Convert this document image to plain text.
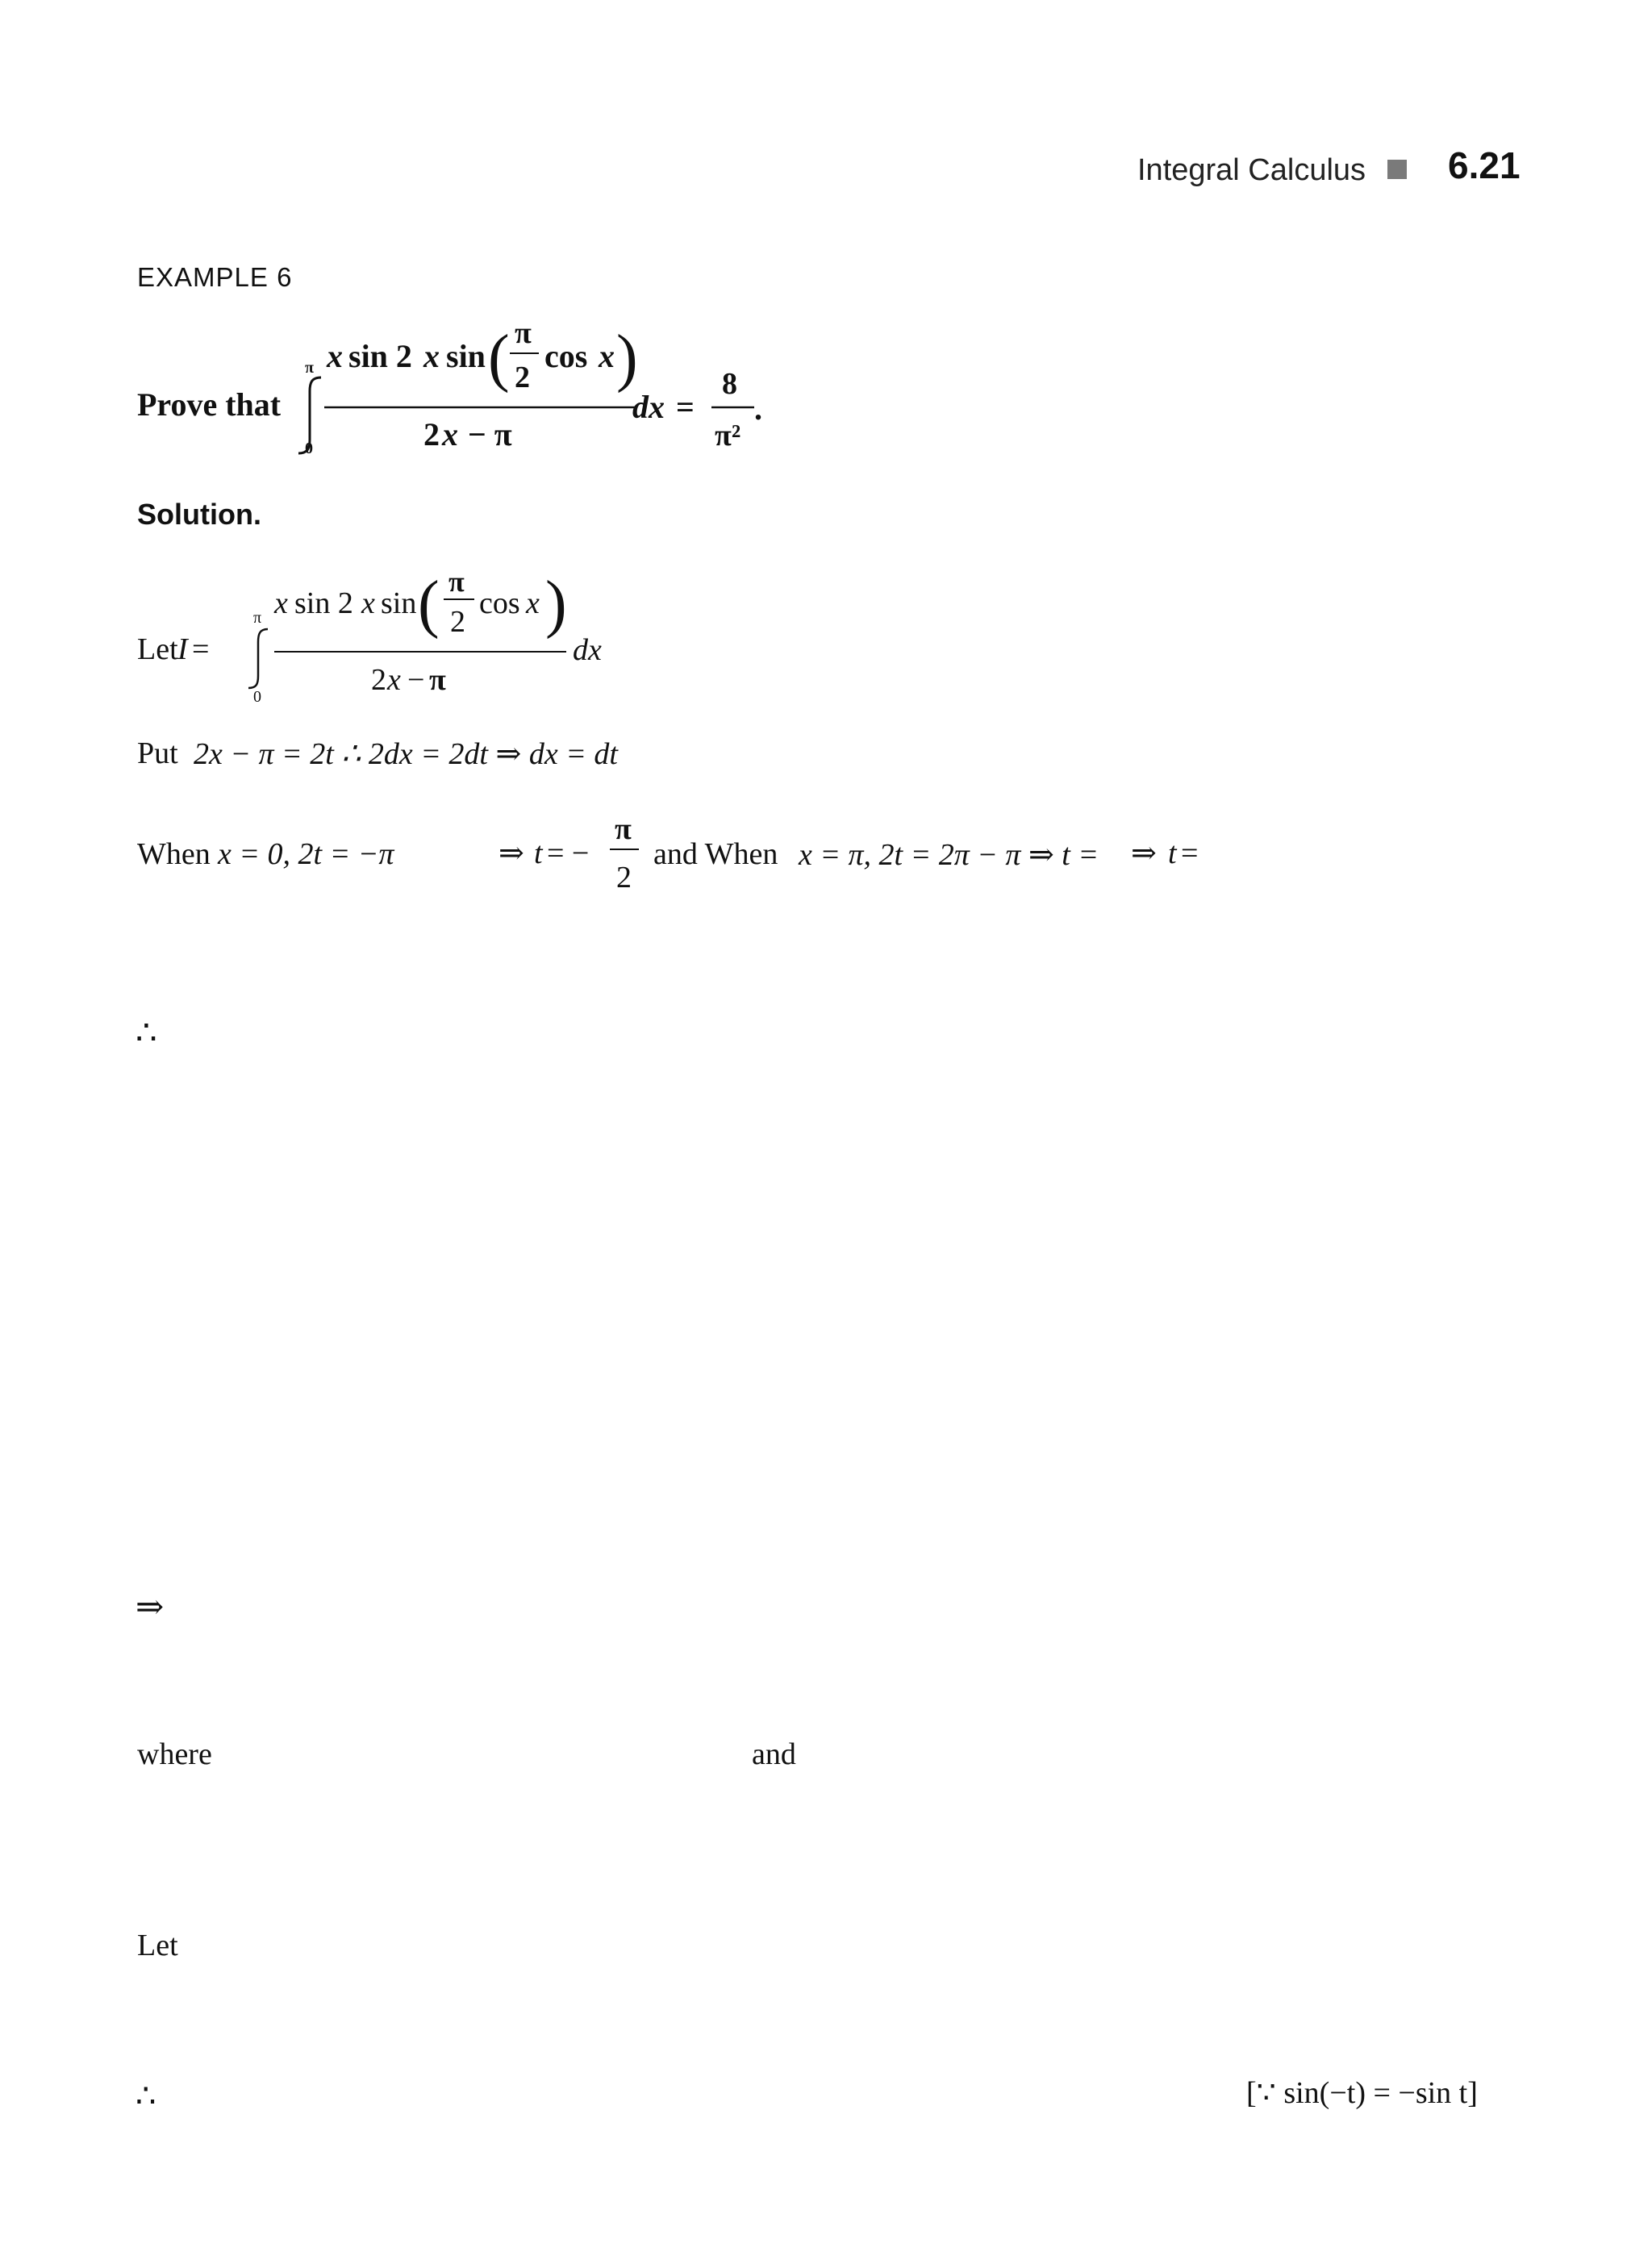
Integral Calculus 6.21
EXAMPLE 6
Prove that
Solution.
Let
Put 2x − π = 2t ∴ 2dx = 2dt ⇒ dx = dt
When x = 0, 2t = −π	and When x = π, 2t = 2π − π ⇒ t =
∴
⇒
where	and
Let
∴	[∵ sin(−t) = −sin t]
π
0
x sin 2 x sin ( π
2
cos x )
2 x − π
dx =
8
π²
.
I =
π
0
x sin 2 x sin ( π
2
cos x )
2 x − π
dx
⇒ t = −
π
2
⇒ t =
π
